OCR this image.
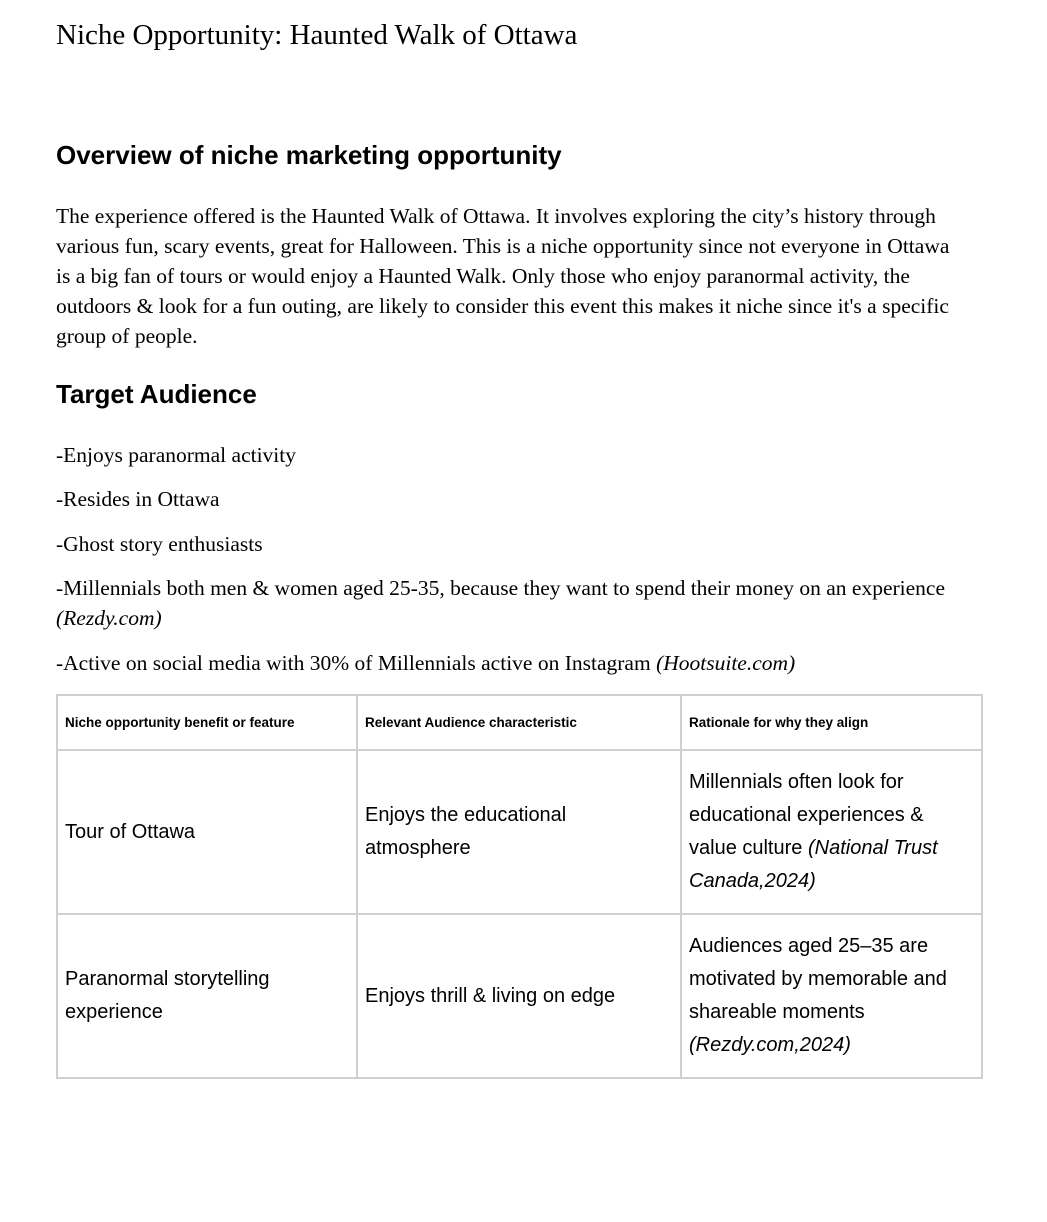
Niche Opportunity: Haunted Walk of Ottawa
Overview of niche marketing opportunity

The experience offered is the Haunted Walk of Ottawa. It involves exploring the city’s history through various fun, scary events, great for Halloween. This is a niche opportunity since not everyone in Ottawa is a big fan of tours or would enjoy a Haunted Walk. Only those who enjoy paranormal activity, the outdoors & look for a fun outing, are likely to consider this event this makes it niche since it's a specific group of people.

Target Audience

-Enjoys paranormal activity

-Resides in Ottawa

-Ghost story enthusiasts

-Millennials both men & women aged 25-35, because they want to spend their money on an experience (Rezdy.com)

-Active on social media with 30% of Millennials active on Instagram (Hootsuite.com)

Niche opportunity benefit or feature	Relevant Audience characteristic	Rationale for why they align
Tour of Ottawa	Enjoys the educational atmosphere	Millennials often look for educational experiences & value culture (National Trust Canada,2024)
Paranormal storytelling experience	Enjoys thrill & living on edge	Audiences aged 25–35 are motivated by memorable and shareable moments (Rezdy.com,2024)
